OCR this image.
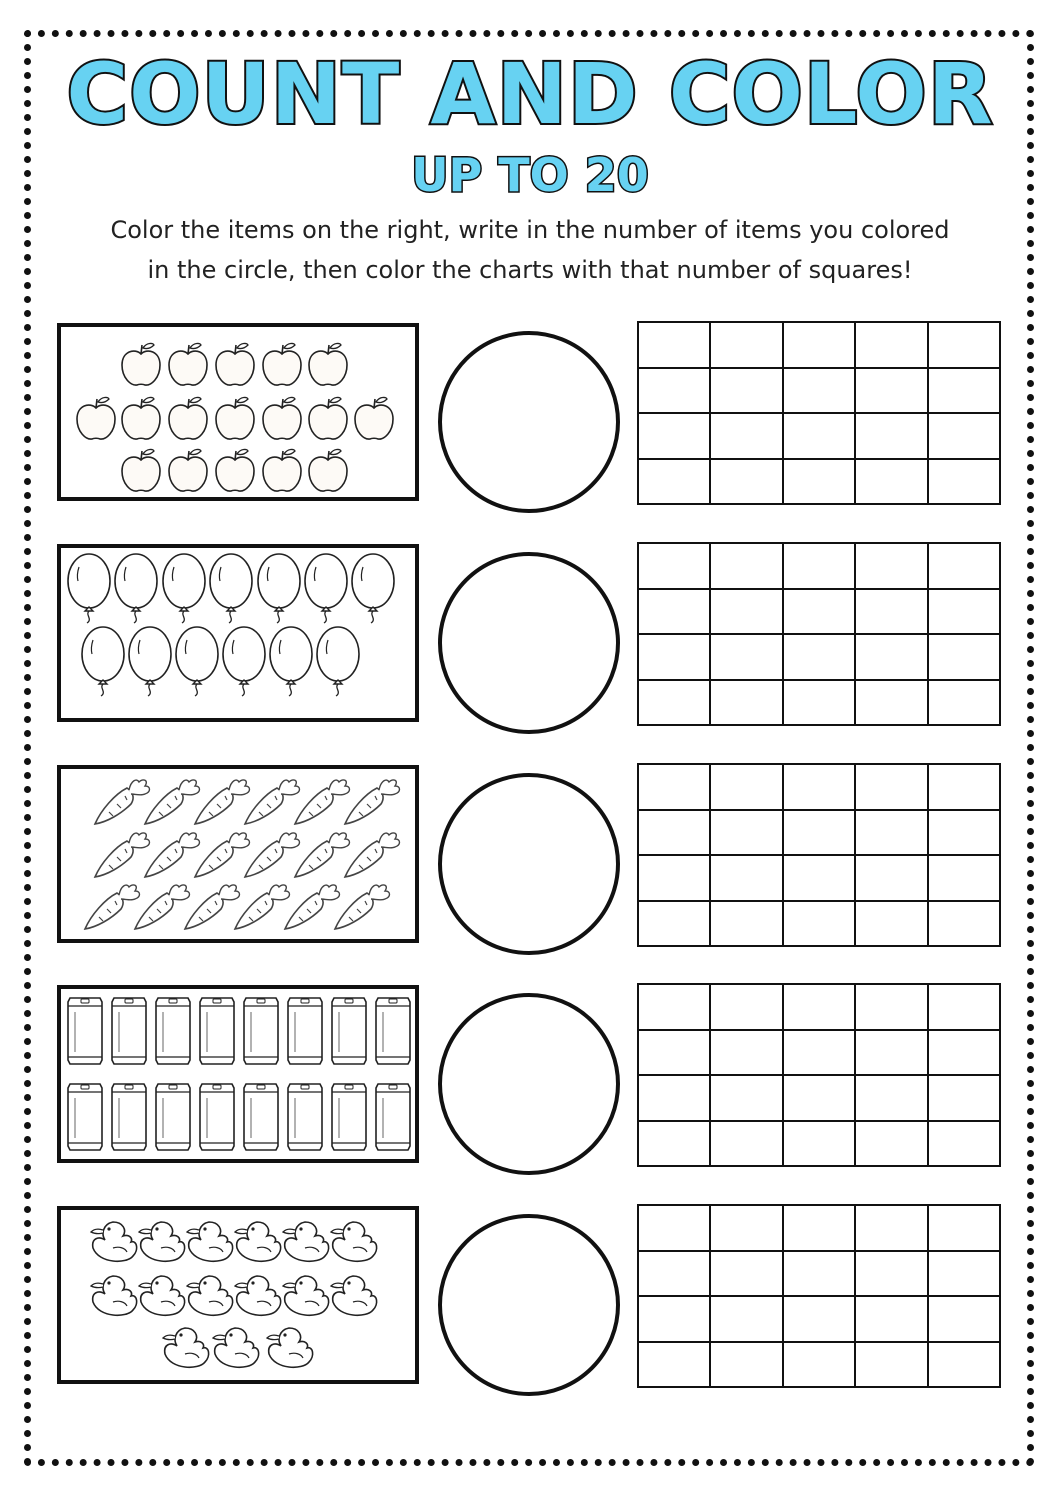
COUNT AND COLOR
UP TO 20
Color the items on the right, write in the number of items you colored
in the circle, then color the charts with that number of squares!
